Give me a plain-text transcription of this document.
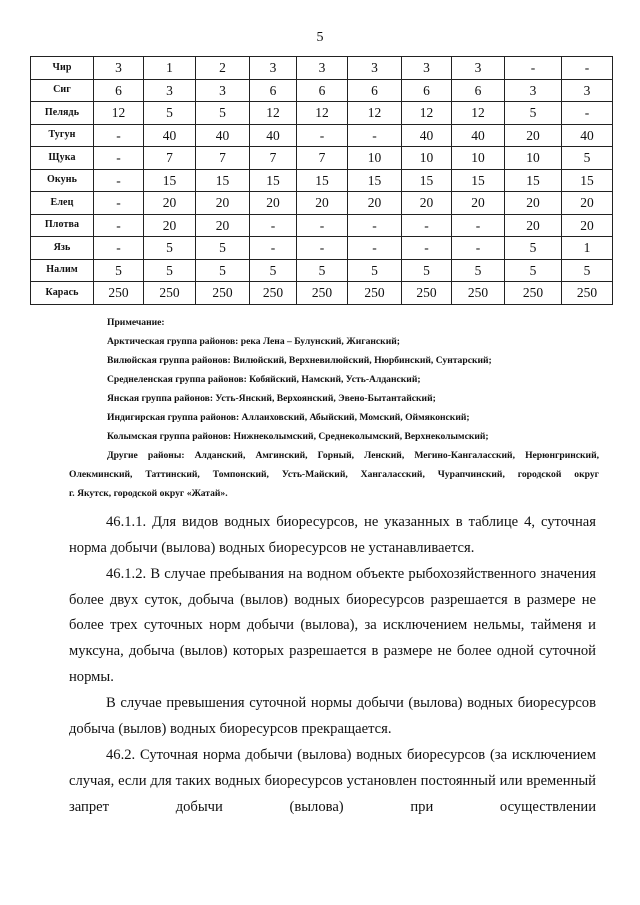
5
Чир	3	1	2	3	3	3	3	3	-	-
Сиг	6	3	3	6	6	6	6	6	3	3
Пелядь	12	5	5	12	12	12	12	12	5	-
Тугун	-	40	40	40	-	-	40	40	20	40
Щука	-	7	7	7	7	10	10	10	10	5
Окунь	-	15	15	15	15	15	15	15	15	15
Елец	-	20	20	20	20	20	20	20	20	20
Плотва	-	20	20	-	-	-	-	-	20	20
Язь	-	5	5	-	-	-	-	-	5	1
Налим	5	5	5	5	5	5	5	5	5	5
Карась	250	250	250	250	250	250	250	250	250	250
Примечание:
Арктическая группа районов: река Лена – Булунский, Жиганский;
Вилюйская группа районов: Вилюйский, Верхневилюйский, Нюрбинский, Сунтарский;
Среднеленская группа районов: Кобяйский, Намский, Усть-Алданский;
Янская группа районов: Усть-Янский, Верхоянский, Эвено-Бытантайский;
Индигирская группа районов: Аллаиховский, Абыйский, Момский, Оймяконский;
Колымская группа районов: Нижнеколымский, Среднеколымский, Верхнеколымский;
Другие районы: Алданский, Амгинский, Горный, Ленский, Мегино-Кангаласский, Нерюнгринский,
Олекминский, Таттинский, Томпонский, Усть-Майский, Хангаласский, Чурапчинский, городской округ
г. Якутск, городской округ «Жатай».

46.1.1. Для видов водных биоресурсов, не указанных в таблице 4, суточная норма добычи (вылова) водных биоресурсов не устанавливается.

46.1.2. В случае пребывания на водном объекте рыбохозяйственного значения более двух суток, добыча (вылов) водных биоресурсов разрешается в размере не более трех суточных норм добычи (вылова), за исключением нельмы, тайменя и муксуна, добыча (вылов) которых разрешается в размере не более одной суточной нормы.

В случае превышения суточной нормы добычи (вылова) водных биоресурсов добыча (вылов) водных биоресурсов прекращается.

46.2. Суточная норма добычи (вылова) водных биоресурсов (за исключением случая, если для таких водных биоресурсов установлен постоянный или временный запрет добычи (вылова) при осуществлении
